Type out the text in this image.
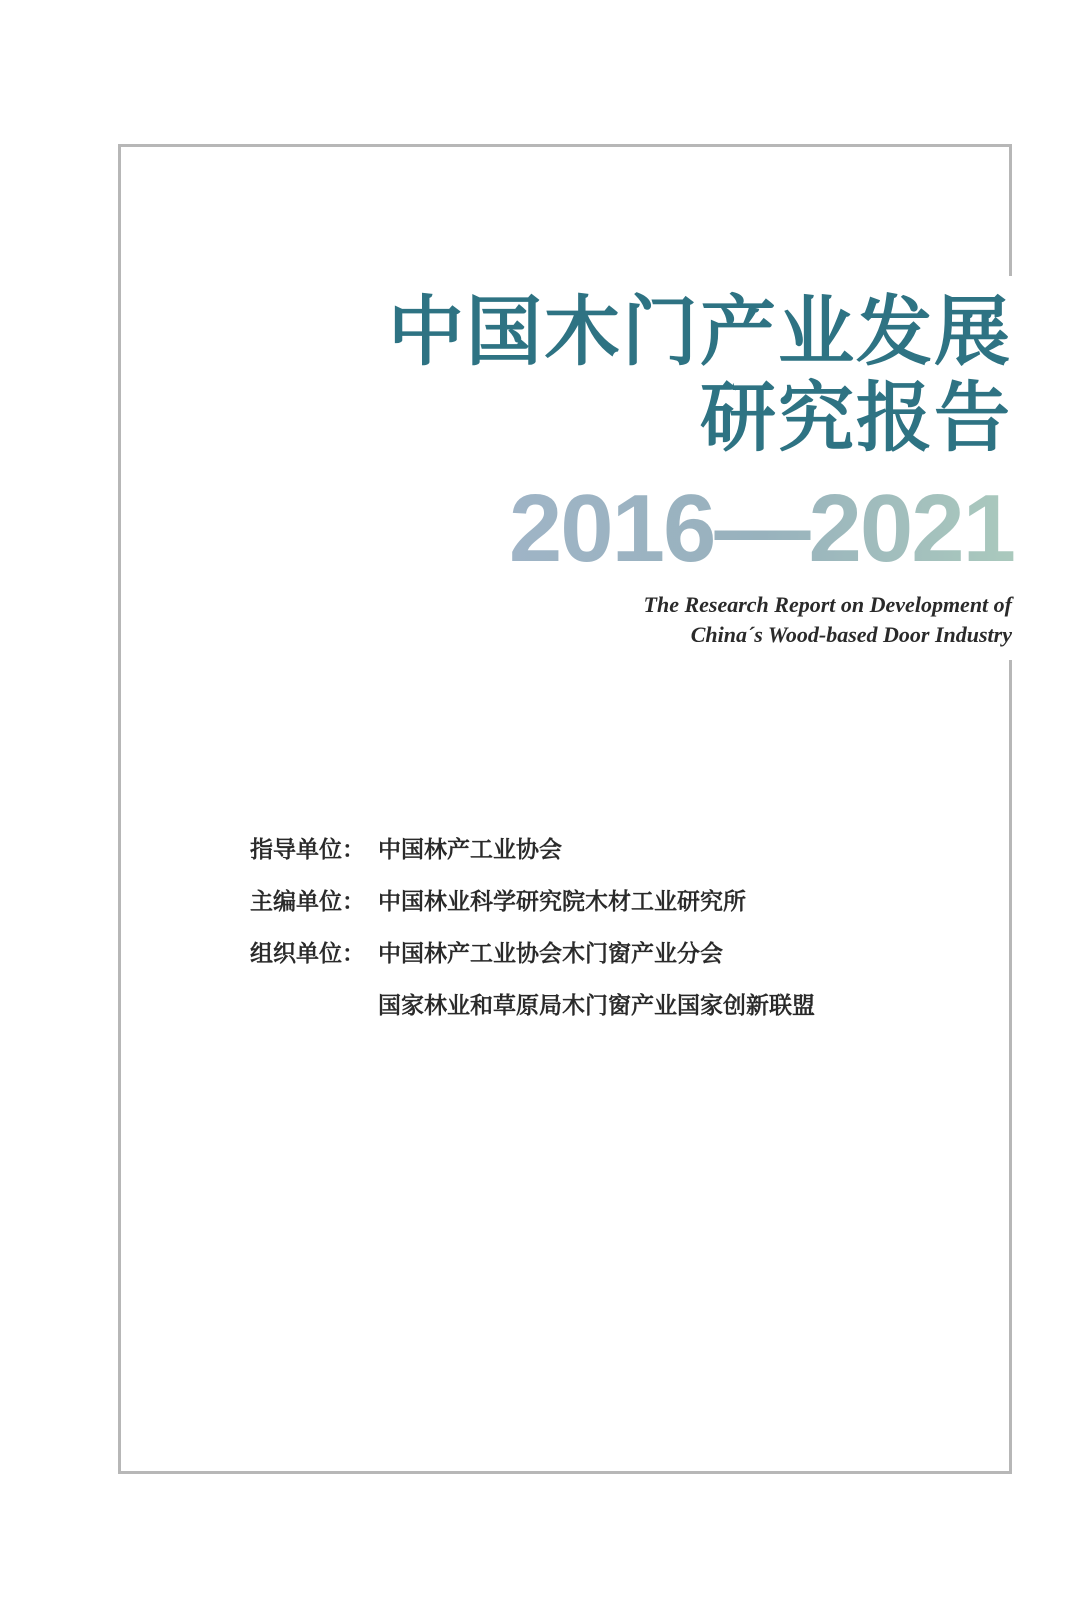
中国木门产业发展
研究报告
2016—2021
The Research Report on Development of
China´s Wood-based Door Industry
指导单位： 中国林产工业协会
主编单位： 中国林业科学研究院木材工业研究所
组织单位： 中国林产工业协会木门窗产业分会
国家林业和草原局木门窗产业国家创新联盟
